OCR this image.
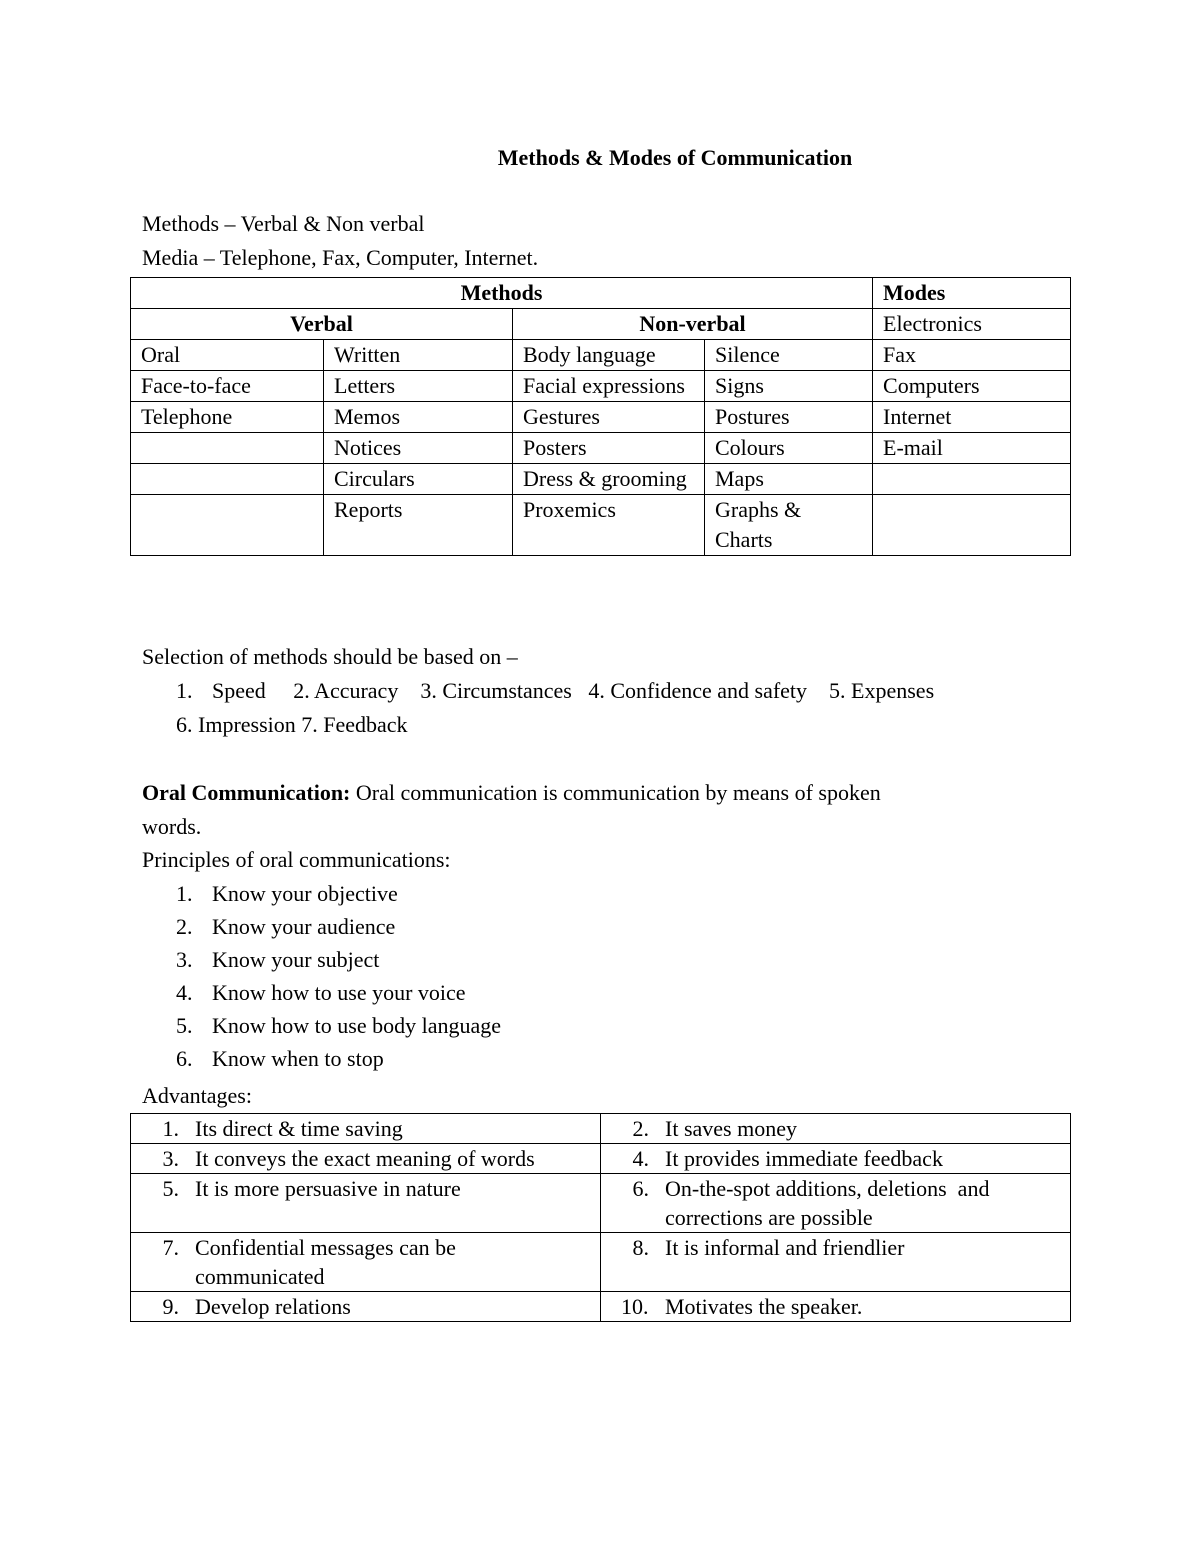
Methods & Modes of Communication
Methods – Verbal & Non verbal
Media – Telephone, Fax, Computer, Internet.
Methods				Modes
Verbal		Non-verbal		Electronics
Oral	Written	Body language	Silence	Fax
Face-to-face	Letters	Facial expressions	Signs	Computers
Telephone	Memos	Gestures	Postures	Internet
	Notices	Posters	Colours	E-mail
	Circulars	Dress & grooming	Maps	
	Reports	Proxemics	Graphs & Charts	
Selection of methods should be based on –
1. Speed     2. Accuracy    3. Circumstances   4. Confidence and safety    5. Expenses
6. Impression 7. Feedback
Oral Communication: Oral communication is communication by means of spoken
words.
Principles of oral communications:
1. Know your objective
2. Know your audience
3. Know your subject
4. Know how to use your voice
5. Know how to use body language
6. Know when to stop
Advantages:
1. Its direct & time saving	2. It saves money

3. It conveys the exact meaning of words	4. It provides immediate feedback

5. It is more persuasive in nature	6. On-the-spot additions, deletions  and corrections are possible

7. Confidential messages can be communicated	8. It is informal and friendlier

9. Develop relations	10. Motivates the speaker.
